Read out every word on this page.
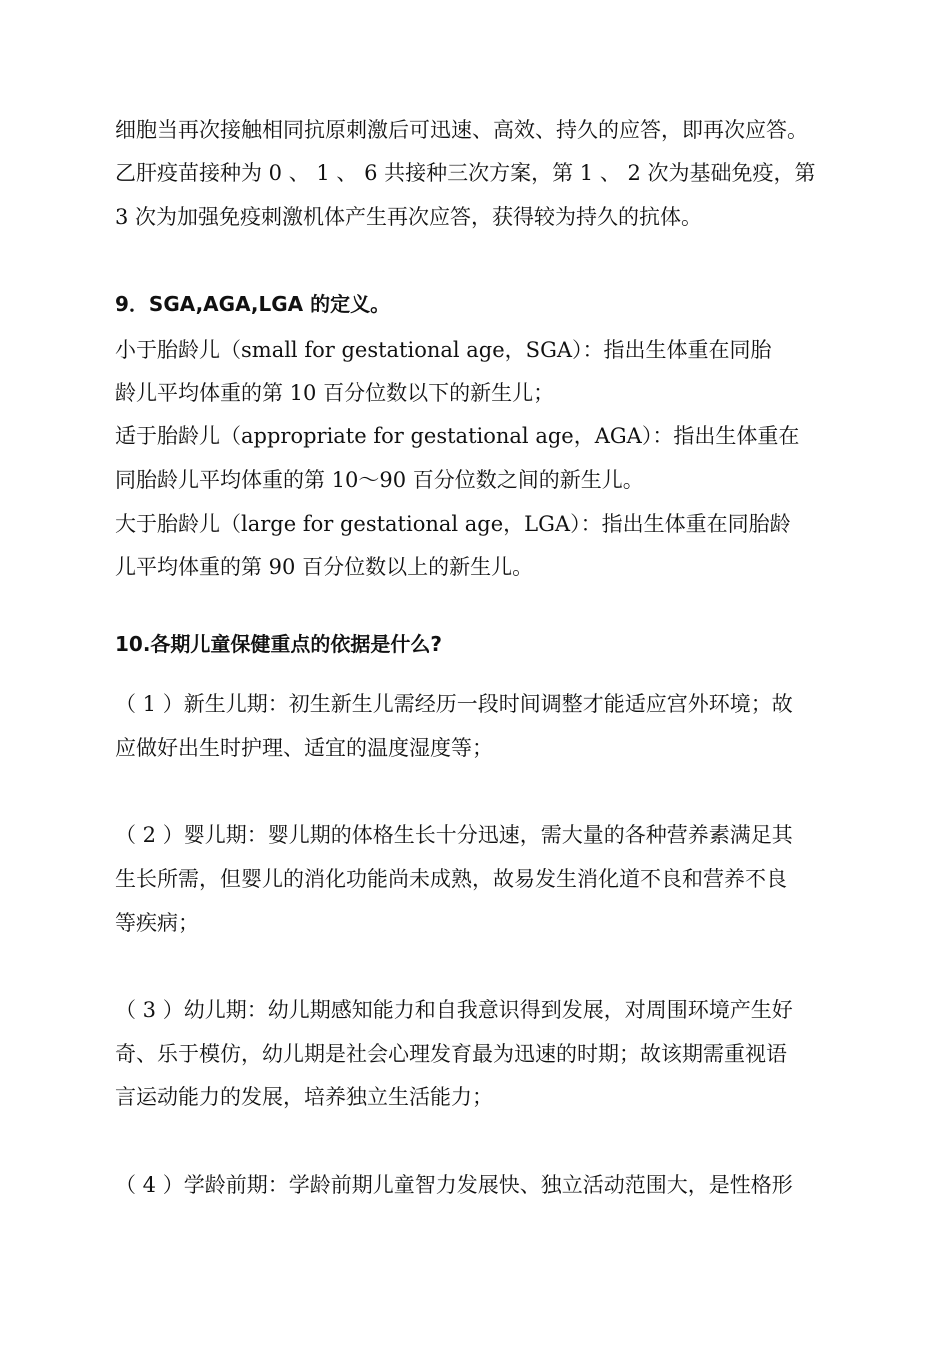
细胞当再次接触相同抗原刺激后可迅速、高效、持久的应答，即再次应答。
乙肝疫苗接种为 0 、 1 、 6 共接种三次方案，第 1 、 2 次为基础免疫，第
3 次为加强免疫刺激机体产生再次应答，获得较为持久的抗体。
9．SGA,AGA,LGA 的定义。
小于胎龄儿（small for gestational age，SGA）：指出生体重在同胎
龄儿平均体重的第 10 百分位数以下的新生儿；
适于胎龄儿（appropriate for gestational age，AGA）：指出生体重在
同胎龄儿平均体重的第 10～90 百分位数之间的新生儿。
大于胎龄儿（large for gestational age，LGA）：指出生体重在同胎龄
儿平均体重的第 90 百分位数以上的新生儿。
10.各期儿童保健重点的依据是什么?
（ 1 ）新生儿期：初生新生儿需经历一段时间调整才能适应宫外环境；故
应做好出生时护理、适宜的温度湿度等；
（ 2 ）婴儿期：婴儿期的体格生长十分迅速，需大量的各种营养素满足其
生长所需，但婴儿的消化功能尚未成熟，故易发生消化道不良和营养不良
等疾病；
（ 3 ）幼儿期：幼儿期感知能力和自我意识得到发展，对周围环境产生好
奇、乐于模仿，幼儿期是社会心理发育最为迅速的时期；故该期需重视语
言运动能力的发展，培养独立生活能力；
（ 4 ）学龄前期：学龄前期儿童智力发展快、独立活动范围大，是性格形
